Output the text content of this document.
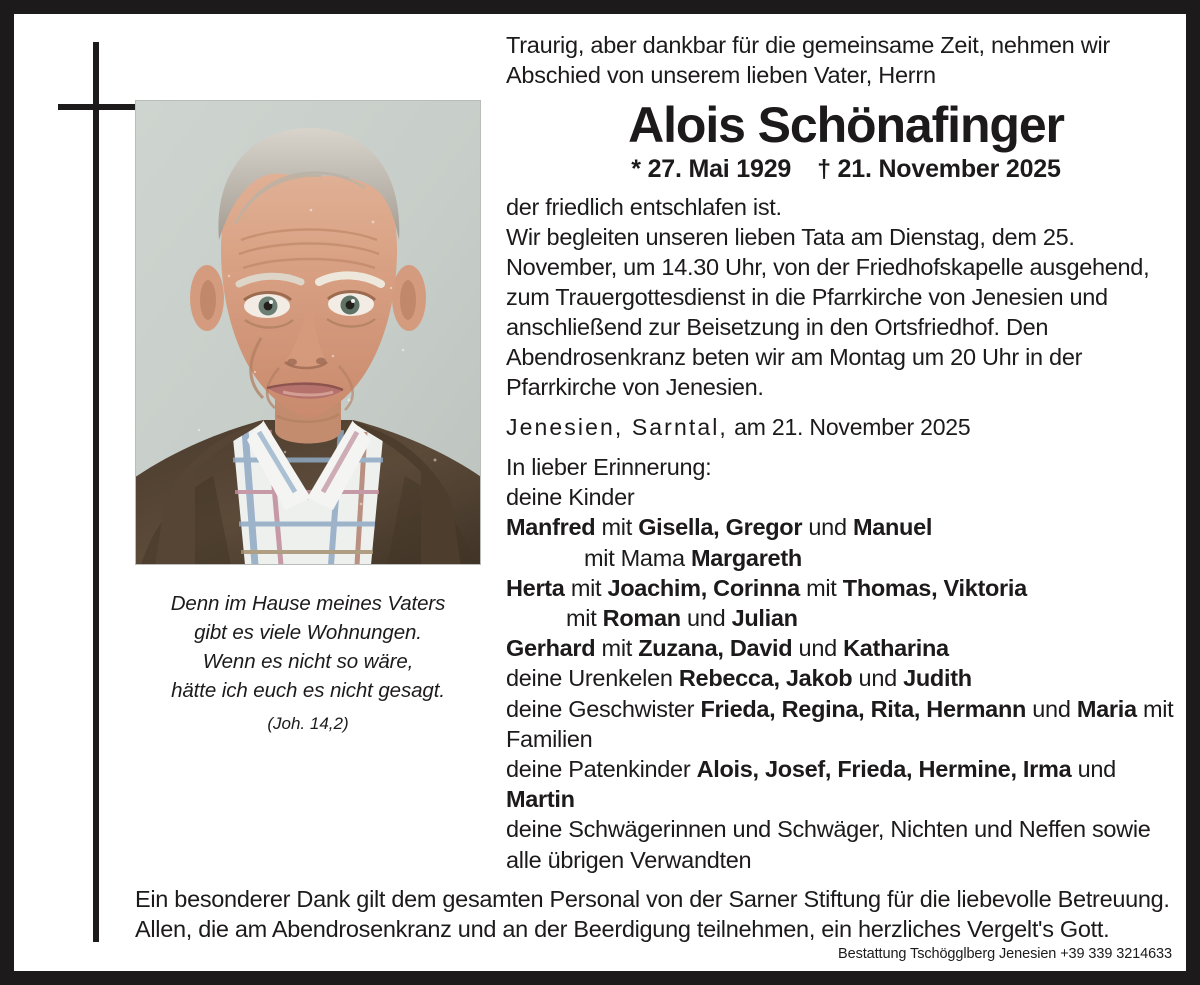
Denn im Hause meines Vaters
gibt es viele Wohnungen.
Wenn es nicht so wäre,
hätte ich euch es nicht gesagt.
(Joh. 14,2)
Traurig, aber dankbar für die gemeinsame Zeit, nehmen wir Abschied von unserem lieben Vater, Herrn
Alois Schönafinger
* 27. Mai 1929 † 21. November 2025
der friedlich entschlafen ist.
Wir begleiten unseren lieben Tata am Dienstag, dem 25. November, um 14.30 Uhr, von der Friedhofskapelle ausgehend, zum Trauergottesdienst in die Pfarrkirche von Jenesien und anschließend zur Beisetzung in den Ortsfriedhof. Den Abendrosenkranz beten wir am Montag um 20 Uhr in der Pfarrkirche von Jenesien.
Jenesien, Sarntal, am 21. November 2025
In lieber Erinnerung:
deine Kinder
Manfred mit Gisella, Gregor und Manuel
mit Mama Margareth
Herta mit Joachim, Corinna mit Thomas, Viktoria
mit Roman und Julian
Gerhard mit Zuzana, David und Katharina
deine Urenkelen Rebecca, Jakob und Judith
deine Geschwister Frieda, Regina, Rita, Hermann und Maria mit Familien
deine Patenkinder Alois, Josef, Frieda, Hermine, Irma und Martin
deine Schwägerinnen und Schwäger, Nichten und Neffen sowie alle übrigen Verwandten
Ein besonderer Dank gilt dem gesamten Personal von der Sarner Stiftung für die liebevolle Betreuung. Allen, die am Abendrosenkranz und an der Beerdigung teilnehmen, ein herzliches Vergelt's Gott.
Bestattung Tschögglberg Jenesien +39 339 3214633
